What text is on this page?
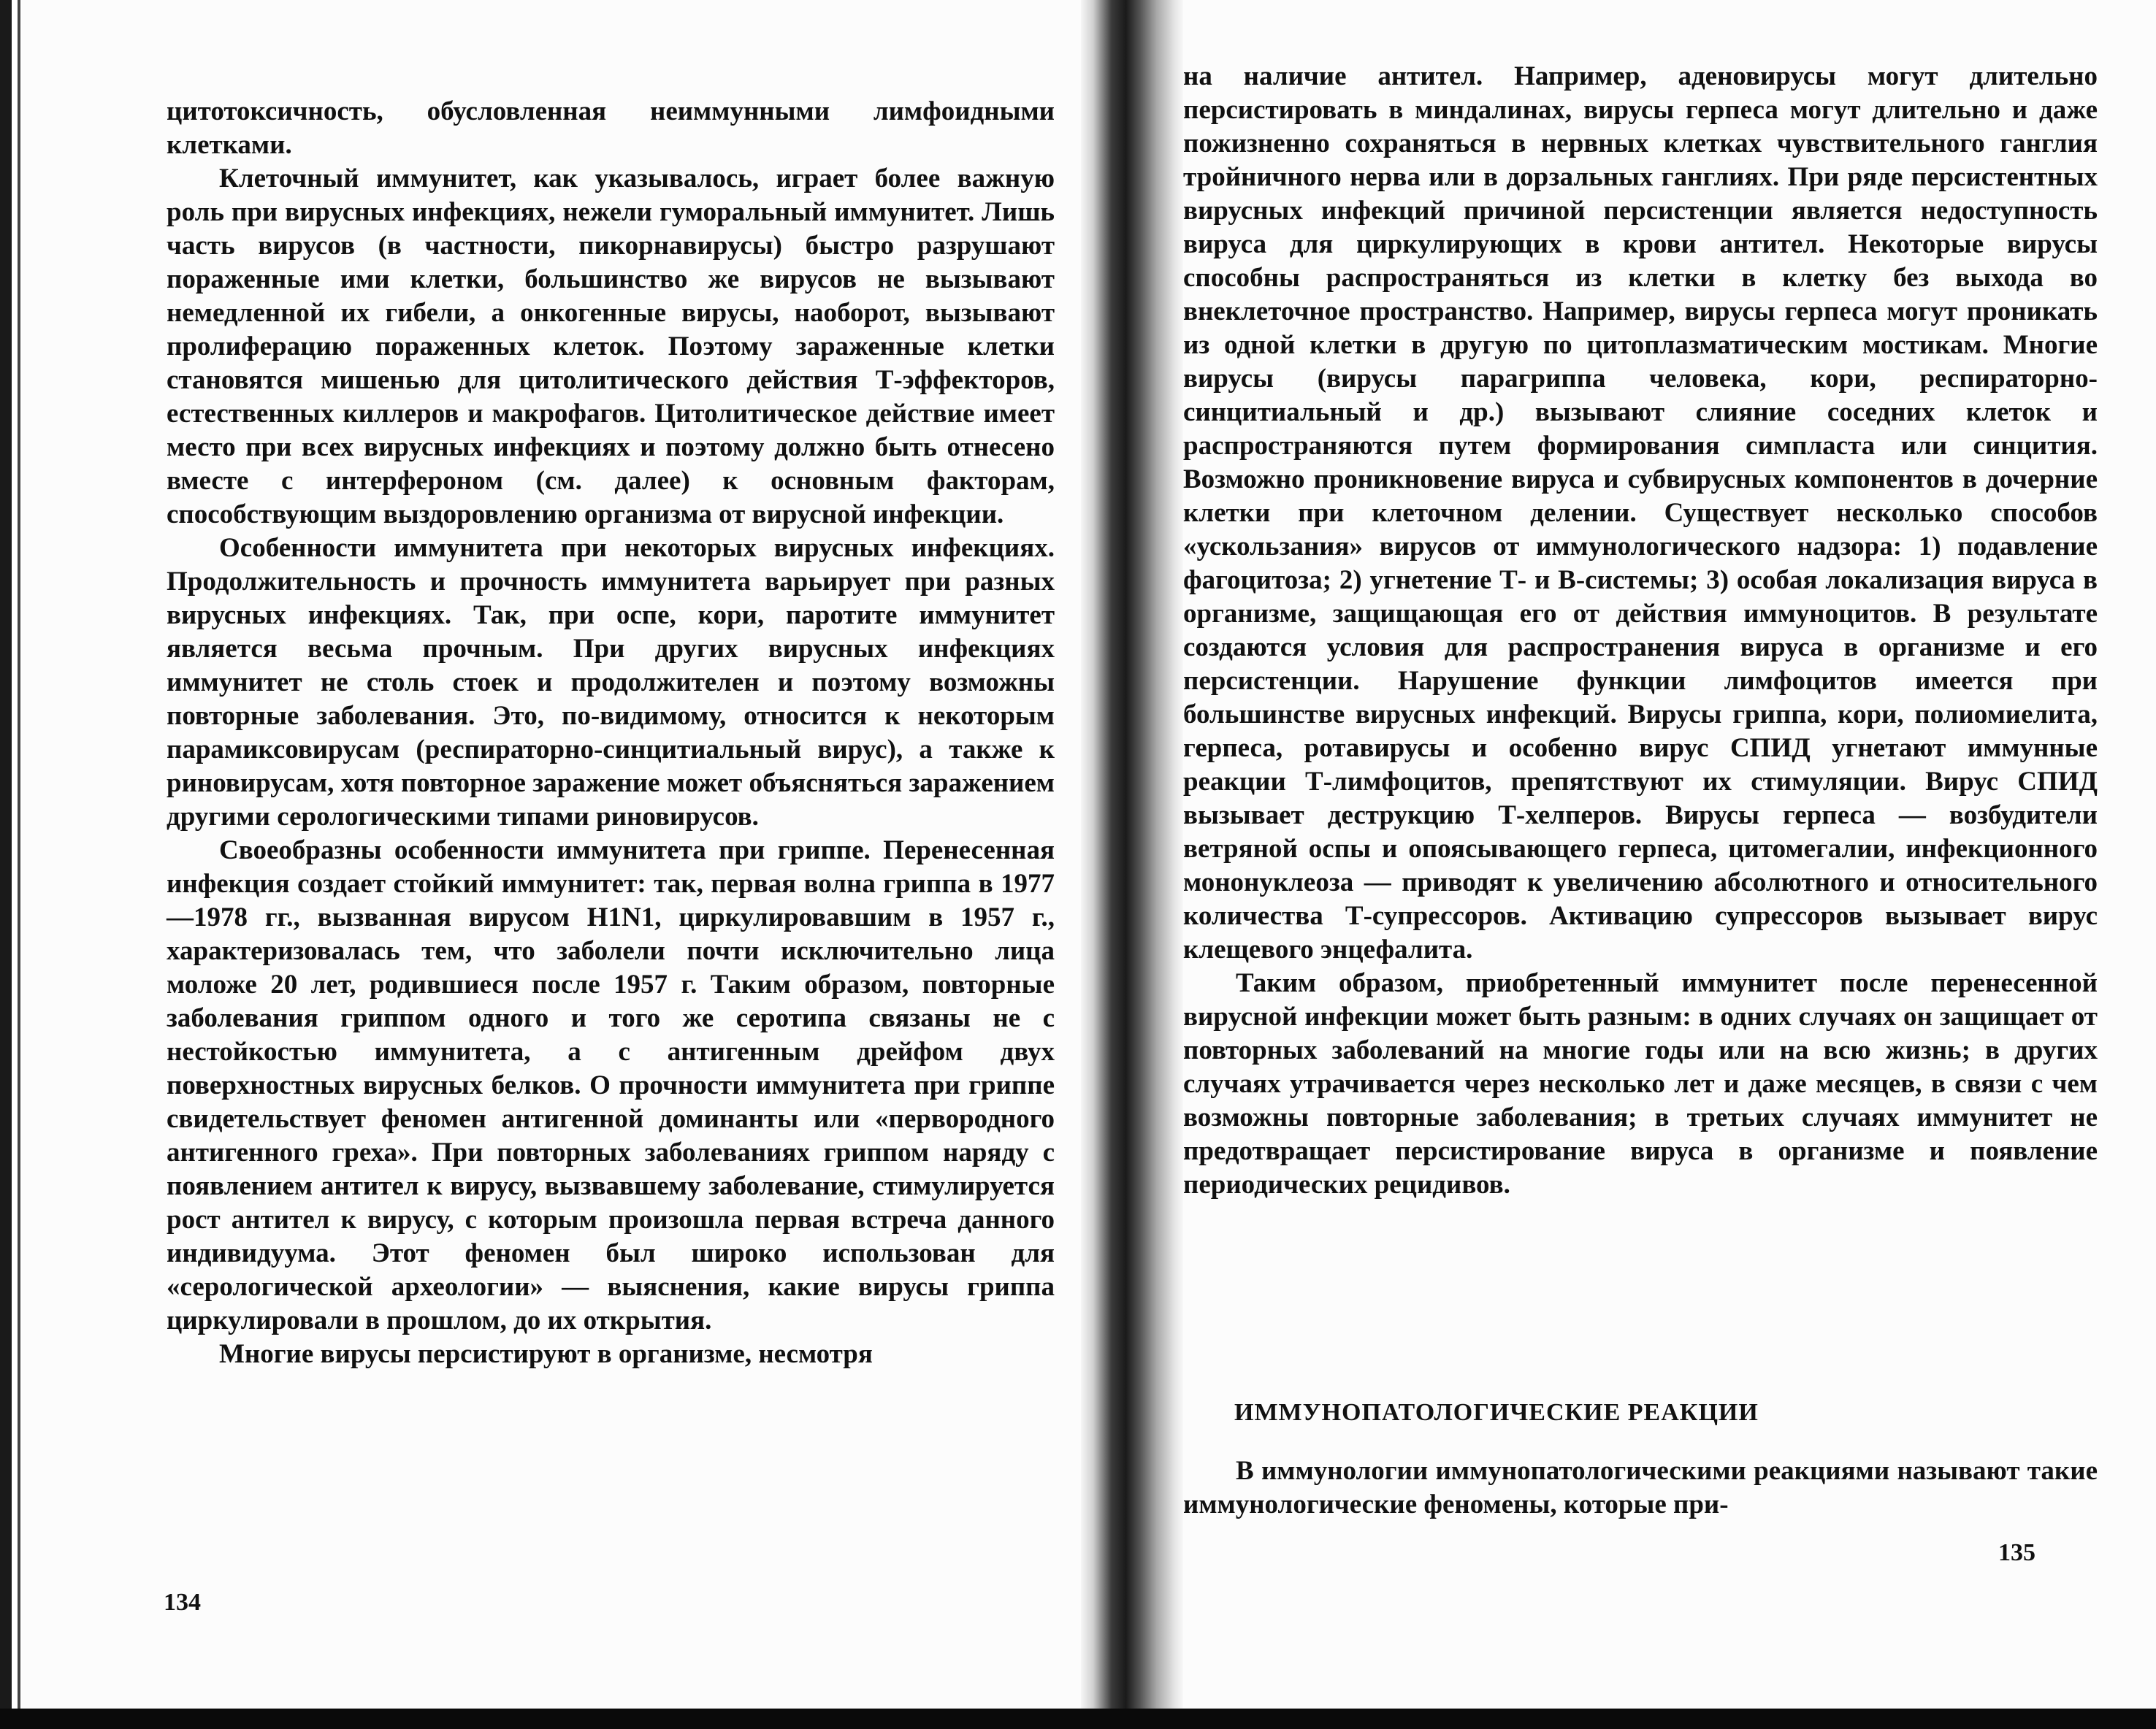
цитотоксичность, обусловленная неиммунными лимфоидными клетками.

Клеточный иммунитет, как указывалось, играет более важную роль при вирусных инфекциях, нежели гуморальный иммунитет. Лишь часть вирусов (в частности, пикорнавирусы) быстро разрушают пораженные ими клетки, большинство же вирусов не вызывают немедленной их гибели, а онкогенные вирусы, наоборот, вызывают пролиферацию пораженных клеток. Поэтому зараженные клетки становятся мишенью для цитолитического действия Т-эффекторов, естественных киллеров и макрофагов. Цитолитическое действие имеет место при всех вирусных инфекциях и поэтому должно быть отнесено вместе с интерфероном (см. далее) к основным факторам, способствующим выздоровлению организма от вирусной инфекции.

Особенности иммунитета при некоторых вирусных инфекциях. Продолжительность и прочность иммунитета варьирует при разных вирусных инфекциях. Так, при оспе, кори, паротите иммунитет является весьма прочным. При других вирусных инфекциях иммунитет не столь стоек и продолжителен и поэтому возможны повторные заболевания. Это, по-видимому, относится к некоторым парамиксовирусам (респираторно-синцитиальный вирус), а также к риновирусам, хотя повторное заражение может объясняться заражением другими серологическими типами риновирусов.

Своеобразны особенности иммунитета при гриппе. Перенесенная инфекция создает стойкий иммунитет: так, первая волна гриппа в 1977—1978 гг., вызванная вирусом H1N1, циркулировавшим в 1957 г., характеризовалась тем, что заболели почти исключительно лица моложе 20 лет, родившиеся после 1957 г. Таким образом, повторные заболевания гриппом одного и того же серотипа связаны не с нестойкостью иммунитета, а с антигенным дрейфом двух поверхностных вирусных белков. О прочности иммунитета при гриппе свидетельствует феномен антигенной доминанты или «первородного антигенного греха». При повторных заболеваниях гриппом наряду с появлением антител к вирусу, вызвавшему заболевание, стимулируется рост антител к вирусу, с которым произошла первая встреча данного индивидуума. Этот феномен был широко использован для «серологической археологии» — выяснения, какие вирусы гриппа циркулировали в прошлом, до их открытия.

Многие вирусы персистируют в организме, несмотря

134

на наличие антител. Например, аденовирусы могут длительно персистировать в миндалинах, вирусы герпеса могут длительно и даже пожизненно сохраняться в нервных клетках чувствительного ганглия тройничного нерва или в дорзальных ганглиях. При ряде персистентных вирусных инфекций причиной персистенции является недоступность вируса для циркулирующих в крови антител. Некоторые вирусы способны распространяться из клетки в клетку без выхода во внеклеточное пространство. Например, вирусы герпеса могут проникать из одной клетки в другую по цитоплазматическим мостикам. Многие вирусы (вирусы парагриппа человека, кори, респираторно-синцитиальный и др.) вызывают слияние соседних клеток и распространяются путем формирования симпласта или синцития. Возможно проникновение вируса и субвирусных компонентов в дочерние клетки при клеточном делении. Существует несколько способов «ускользания» вирусов от иммунологического надзора: 1) подавление фагоцитоза; 2) угнетение Т- и В-системы; 3) особая локализация вируса в организме, защищающая его от действия иммуноцитов. В результате создаются условия для распространения вируса в организме и его персистенции. Нарушение функции лимфоцитов имеется при большинстве вирусных инфекций. Вирусы гриппа, кори, полиомиелита, герпеса, ротавирусы и особенно вирус СПИД угнетают иммунные реакции Т-лимфоцитов, препятствуют их стимуляции. Вирус СПИД вызывает деструкцию Т-хелперов. Вирусы герпеса — возбудители ветряной оспы и опоясывающего герпеса, цитомегалии, инфекционного мононуклеоза — приводят к увеличению абсолютного и относительного количества Т-супрессоров. Активацию супрессоров вызывает вирус клещевого энцефалита.

Таким образом, приобретенный иммунитет после перенесенной вирусной инфекции может быть разным: в одних случаях он защищает от повторных заболеваний на многие годы или на всю жизнь; в других случаях утрачивается через несколько лет и даже месяцев, в связи с чем возможны повторные заболевания; в третьих случаях иммунитет не предотвращает персистирование вируса в организме и появление периодических рецидивов.

ИММУНОПАТОЛОГИЧЕСКИЕ РЕАКЦИИ

В иммунологии иммунопатологическими реакциями называют такие иммунологические феномены, которые при-

135
